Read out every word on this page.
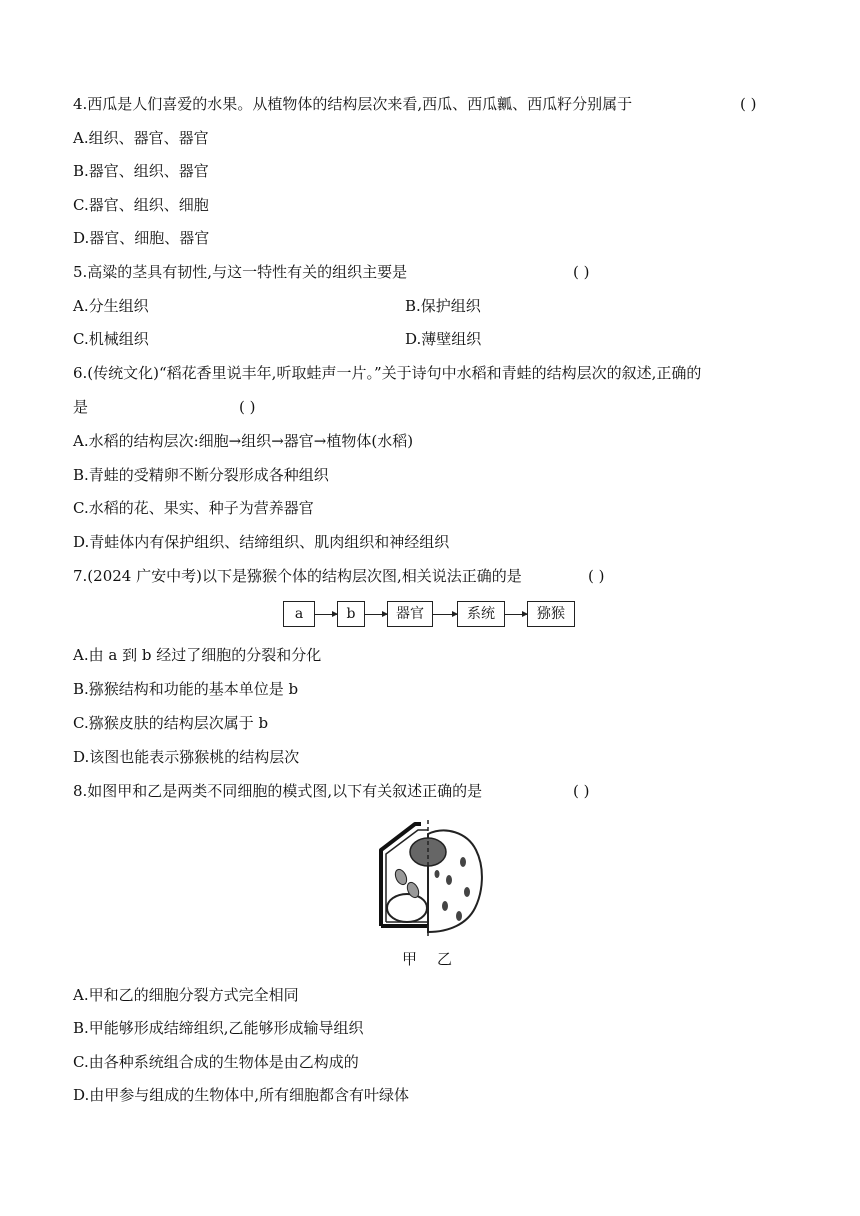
4.西瓜是人们喜爱的水果。从植物体的结构层次来看,西瓜、西瓜瓤、西瓜籽分别属于	( )
A.组织、器官、器官
B.器官、组织、器官
C.器官、组织、细胞
D.器官、细胞、器官
5.高粱的茎具有韧性,与这一特性有关的组织主要是	( )
A.分生组织	B.保护组织
C.机械组织	D.薄壁组织
6.(传统文化)“稻花香里说丰年,听取蛙声一片。”关于诗句中水稻和青蛙的结构层次的叙述,正确的
是	( )
A.水稻的结构层次:细胞→组织→器官→植物体(水稻)
B.青蛙的受精卵不断分裂形成各种组织
C.水稻的花、果实、种子为营养器官
D.青蛙体内有保护组织、结缔组织、肌肉组织和神经组织
7.(2024 广安中考)以下是猕猴个体的结构层次图,相关说法正确的是	( )
a	b	器官	系统	猕猴
A.由 a 到 b 经过了细胞的分裂和分化
B.猕猴结构和功能的基本单位是 b
C.猕猴皮肤的结构层次属于 b
D.该图也能表示猕猴桃的结构层次
8.如图甲和乙是两类不同细胞的模式图,以下有关叙述正确的是	( )
甲 乙
A.甲和乙的细胞分裂方式完全相同
B.甲能够形成结缔组织,乙能够形成输导组织
C.由各种系统组合成的生物体是由乙构成的
D.由甲参与组成的生物体中,所有细胞都含有叶绿体
